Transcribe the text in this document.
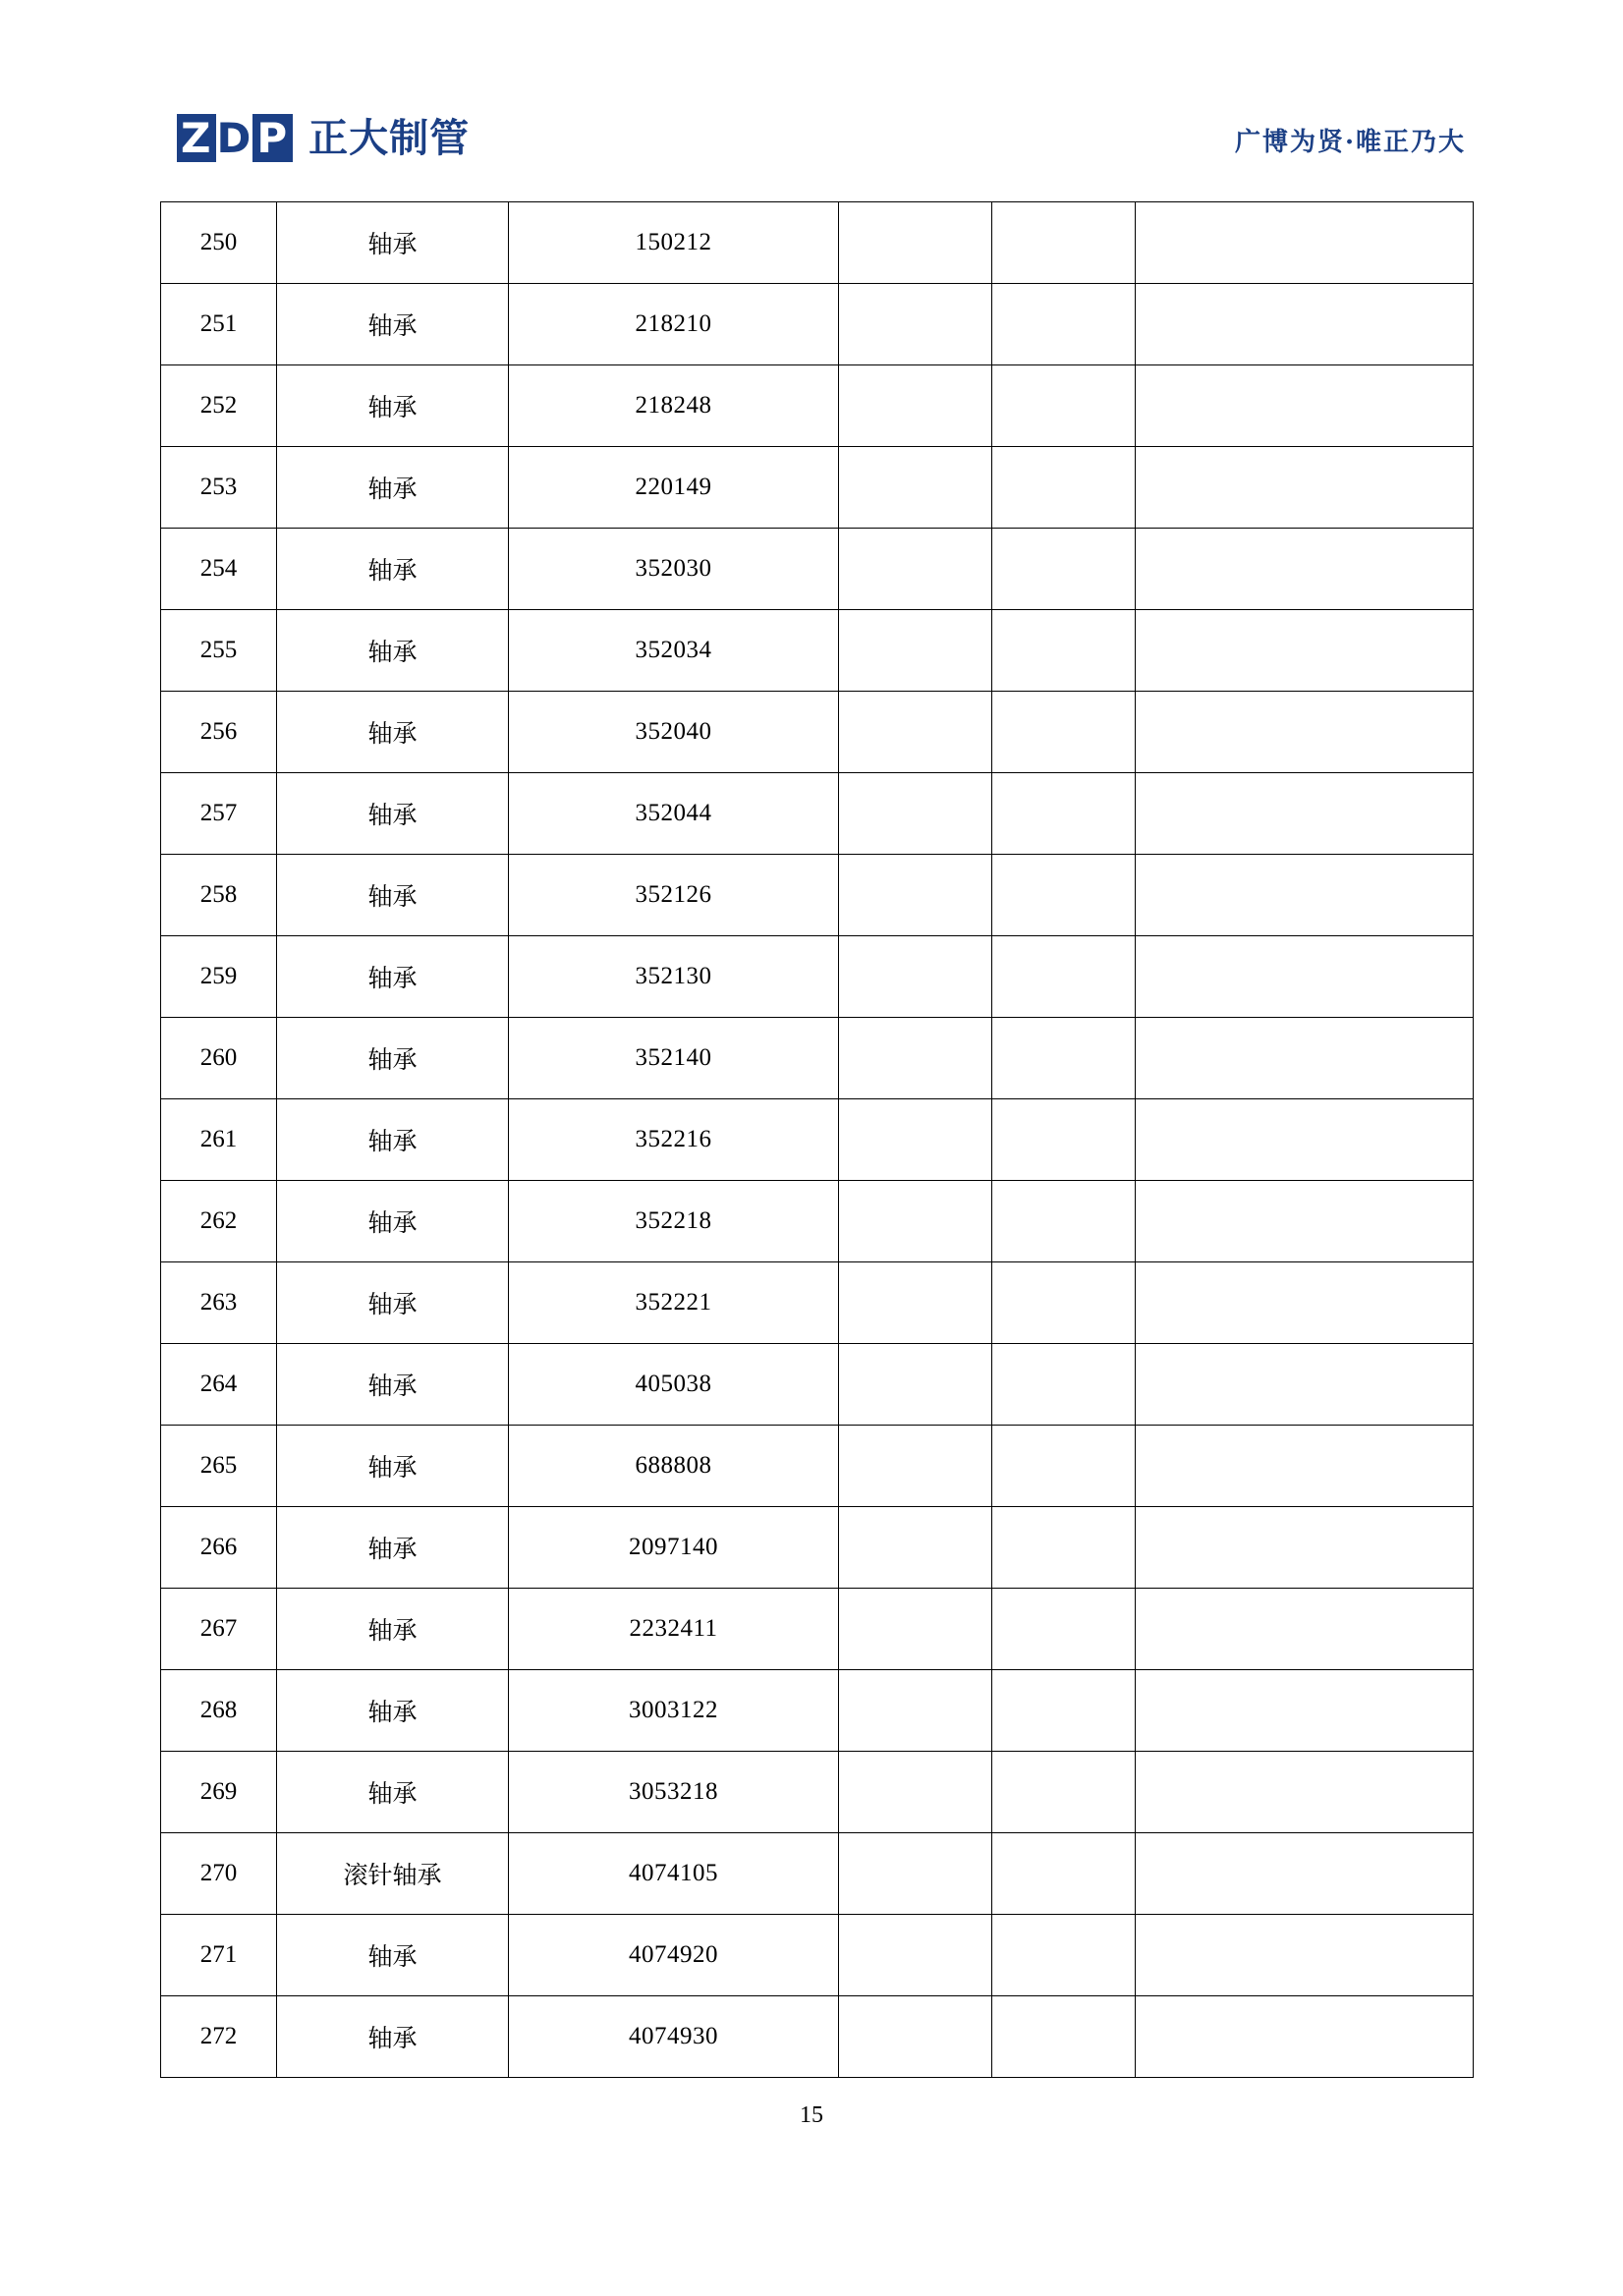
ZDP 正大制管	广博为贤·唯正乃大
250	轴承	150212			
251	轴承	218210			
252	轴承	218248			
253	轴承	220149			
254	轴承	352030			
255	轴承	352034			
256	轴承	352040			
257	轴承	352044			
258	轴承	352126			
259	轴承	352130			
260	轴承	352140			
261	轴承	352216			
262	轴承	352218			
263	轴承	352221			
264	轴承	405038			
265	轴承	688808			
266	轴承	2097140			
267	轴承	2232411			
268	轴承	3003122			
269	轴承	3053218			
270	滚针轴承	4074105			
271	轴承	4074920			
272	轴承	4074930			
15
